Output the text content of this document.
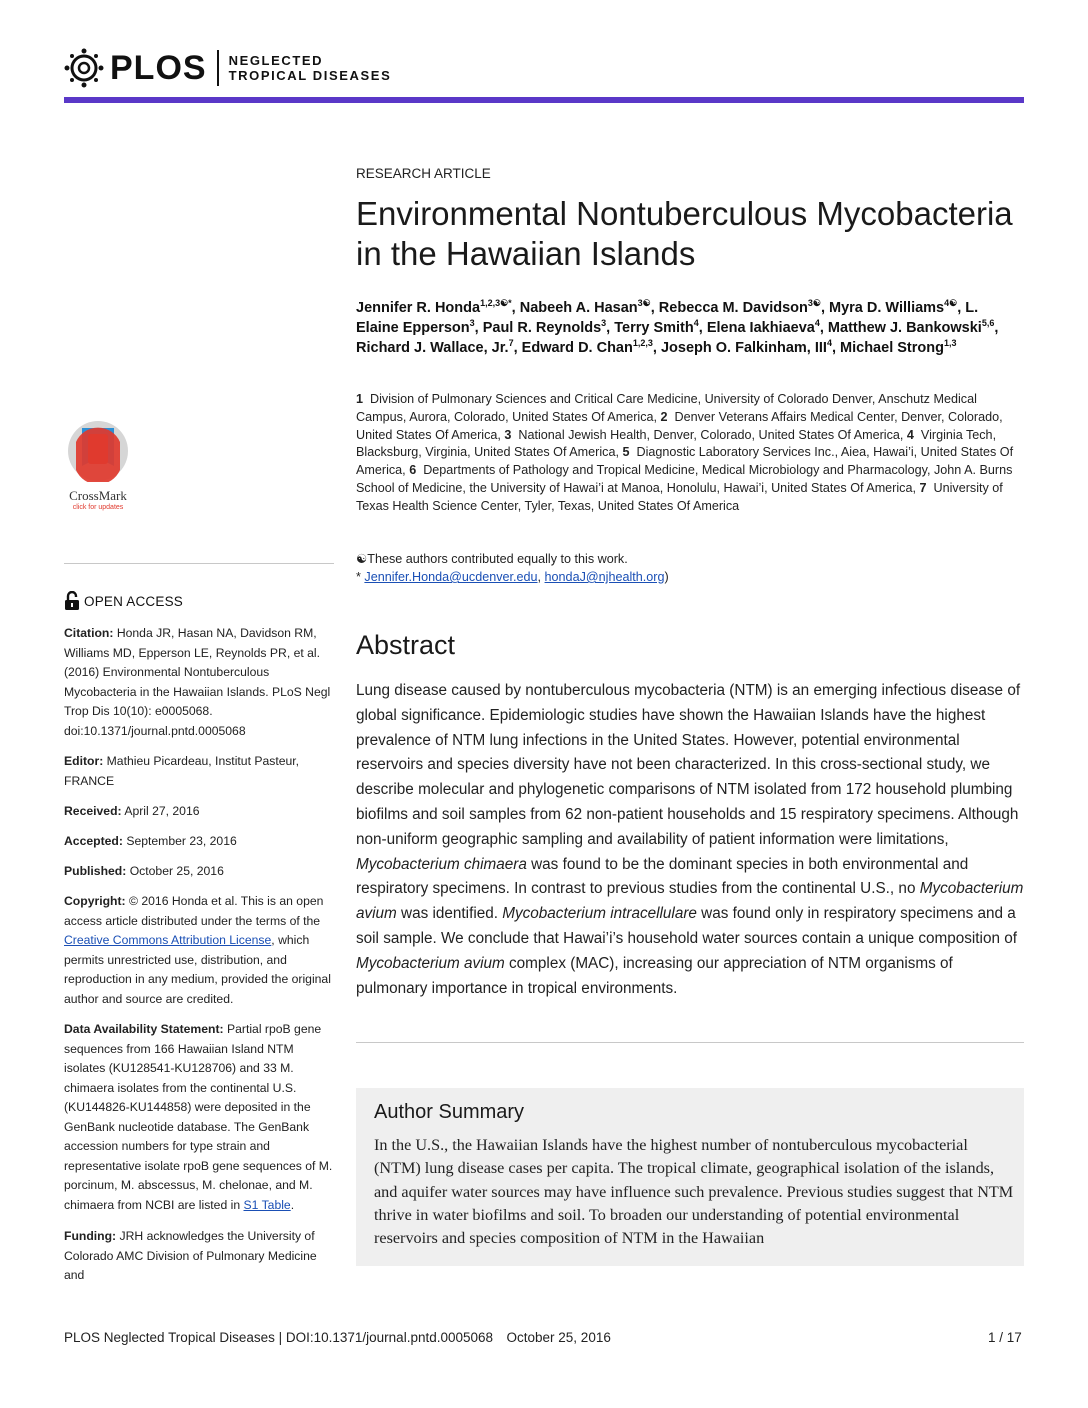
PLOS NEGLECTED
TROPICAL DISEASES
CrossMark
click for updates
OPEN ACCESS
Citation: Honda JR, Hasan NA, Davidson RM, Williams MD, Epperson LE, Reynolds PR, et al. (2016) Environmental Nontuberculous Mycobacteria in the Hawaiian Islands. PLoS Negl Trop Dis 10(10): e0005068. doi:10.1371/journal.pntd.0005068
Editor: Mathieu Picardeau, Institut Pasteur, FRANCE
Received: April 27, 2016
Accepted: September 23, 2016
Published: October 25, 2016
Copyright: © 2016 Honda et al. This is an open access article distributed under the terms of the Creative Commons Attribution License, which permits unrestricted use, distribution, and reproduction in any medium, provided the original author and source are credited.
Data Availability Statement: Partial rpoB gene sequences from 166 Hawaiian Island NTM isolates (KU128541-KU128706) and 33 M. chimaera isolates from the continental U.S. (KU144826-KU144858) were deposited in the GenBank nucleotide database. The GenBank accession numbers for type strain and representative isolate rpoB gene sequences of M. porcinum, M. abscessus, M. chelonae, and M. chimaera from NCBI are listed in S1 Table.
Funding: JRH acknowledges the University of Colorado AMC Division of Pulmonary Medicine and
RESEARCH ARTICLE
Environmental Nontuberculous Mycobacteria in the Hawaiian Islands
Jennifer R. Honda$^{1,2,3☯*}$, Nabeeh A. Hasan$^{3☯}$, Rebecca M. Davidson$^{3☯}$, Myra D. Williams$^{4☯}$, L. Elaine Epperson$^3$, Paul R. Reynolds$^3$, Terry Smith$^4$, Elena Iakhiaeva$^4$, Matthew J. Bankowski$^{5,6}$, Richard J. Wallace, Jr.$^7$, Edward D. Chan$^{1,2,3}$, Joseph O. Falkinham, III$^4$, Michael Strong$^{1,3}$
1 Division of Pulmonary Sciences and Critical Care Medicine, University of Colorado Denver, Anschutz Medical Campus, Aurora, Colorado, United States Of America, 2 Denver Veterans Affairs Medical Center, Denver, Colorado, United States Of America, 3 National Jewish Health, Denver, Colorado, United States Of America, 4 Virginia Tech, Blacksburg, Virginia, United States Of America, 5 Diagnostic Laboratory Services Inc., Aiea, Hawai’i, United States Of America, 6 Departments of Pathology and Tropical Medicine, Medical Microbiology and Pharmacology, John A. Burns School of Medicine, the University of Hawai’i at Manoa, Honolulu, Hawai’i, United States Of America, 7 University of Texas Health Science Center, Tyler, Texas, United States Of America
☯These authors contributed equally to this work.
* Jennifer.Honda@ucdenver.edu, hondaJ@njhealth.org)
Abstract
Lung disease caused by nontuberculous mycobacteria (NTM) is an emerging infectious disease of global significance. Epidemiologic studies have shown the Hawaiian Islands have the highest prevalence of NTM lung infections in the United States. However, potential environmental reservoirs and species diversity have not been characterized. In this cross-sectional study, we describe molecular and phylogenetic comparisons of NTM isolated from 172 household plumbing biofilms and soil samples from 62 non-patient households and 15 respiratory specimens. Although non-uniform geographic sampling and availability of patient information were limitations, Mycobacterium chimaera was found to be the dominant species in both environmental and respiratory specimens. In contrast to previous studies from the continental U.S., no Mycobacterium avium was identified. Mycobacterium intracellulare was found only in respiratory specimens and a soil sample. We conclude that Hawai’i’s household water sources contain a unique composition of Mycobacterium avium complex (MAC), increasing our appreciation of NTM organisms of pulmonary importance in tropical environments.
Author Summary
In the U.S., the Hawaiian Islands have the highest number of nontuberculous mycobacterial (NTM) lung disease cases per capita. The tropical climate, geographical isolation of the islands, and aquifer water sources may have influence such prevalence. Previous studies suggest that NTM thrive in water biofilms and soil. To broaden our understanding of potential environmental reservoirs and species composition of NTM in the Hawaiian
PLOS Neglected Tropical Diseases | DOI:10.1371/journal.pntd.0005068 October 25, 2016	1 / 17
